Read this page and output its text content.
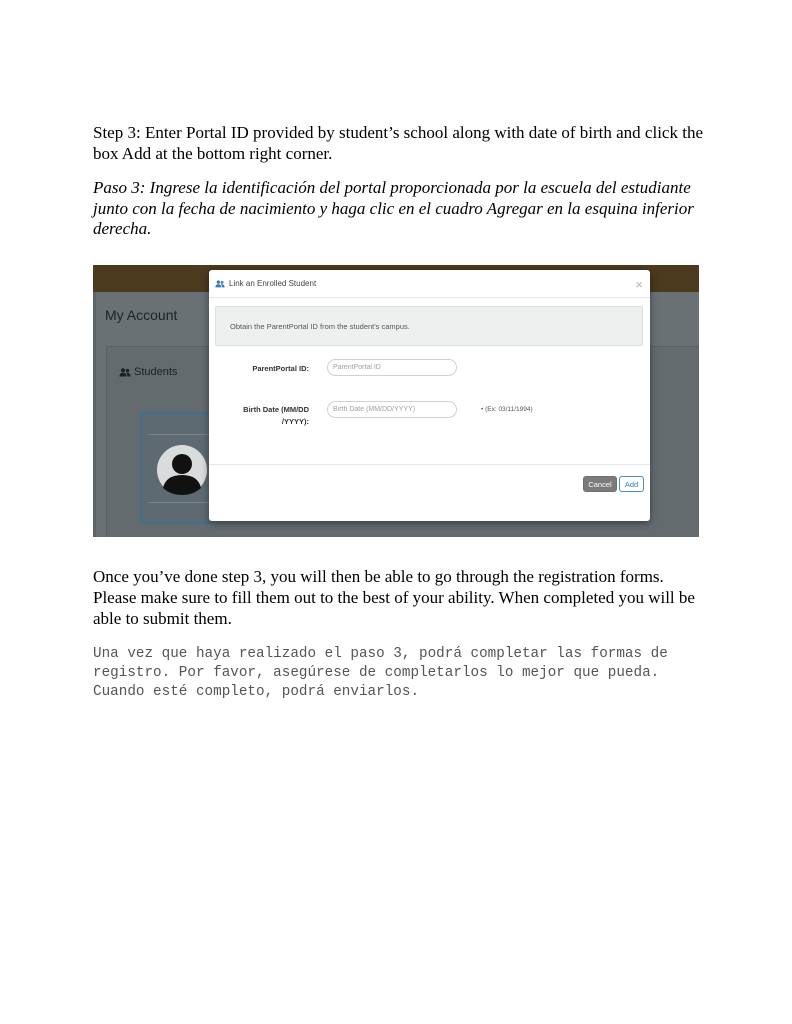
Step 3: Enter Portal ID provided by student’s school along with date of birth and click the box Add at the bottom right corner.

Paso 3: Ingrese la identificación del portal proporcionada por la escuela del estudiante junto con la fecha de nacimiento y haga clic en el cuadro Agregar en la esquina inferior derecha.

My Account
Students
Link an Enrolled Student	×
Obtain the ParentPortal ID from the student's campus.
ParentPortal ID:
ParentPortal ID
Birth Date (MM/DD
/YYYY):
Birth Date (MM/DD/YYYY)
• (Ex: 03/11/1994)
Cancel	Add

Once you’ve done step 3, you will then be able to go through the registration forms. Please make sure to fill them out to the best of your ability. When completed you will be able to submit them.

Una vez que haya realizado el paso 3, podrá completar las formas de registro. Por favor, asegúrese de completarlos lo mejor que pueda. Cuando esté completo, podrá enviarlos.
